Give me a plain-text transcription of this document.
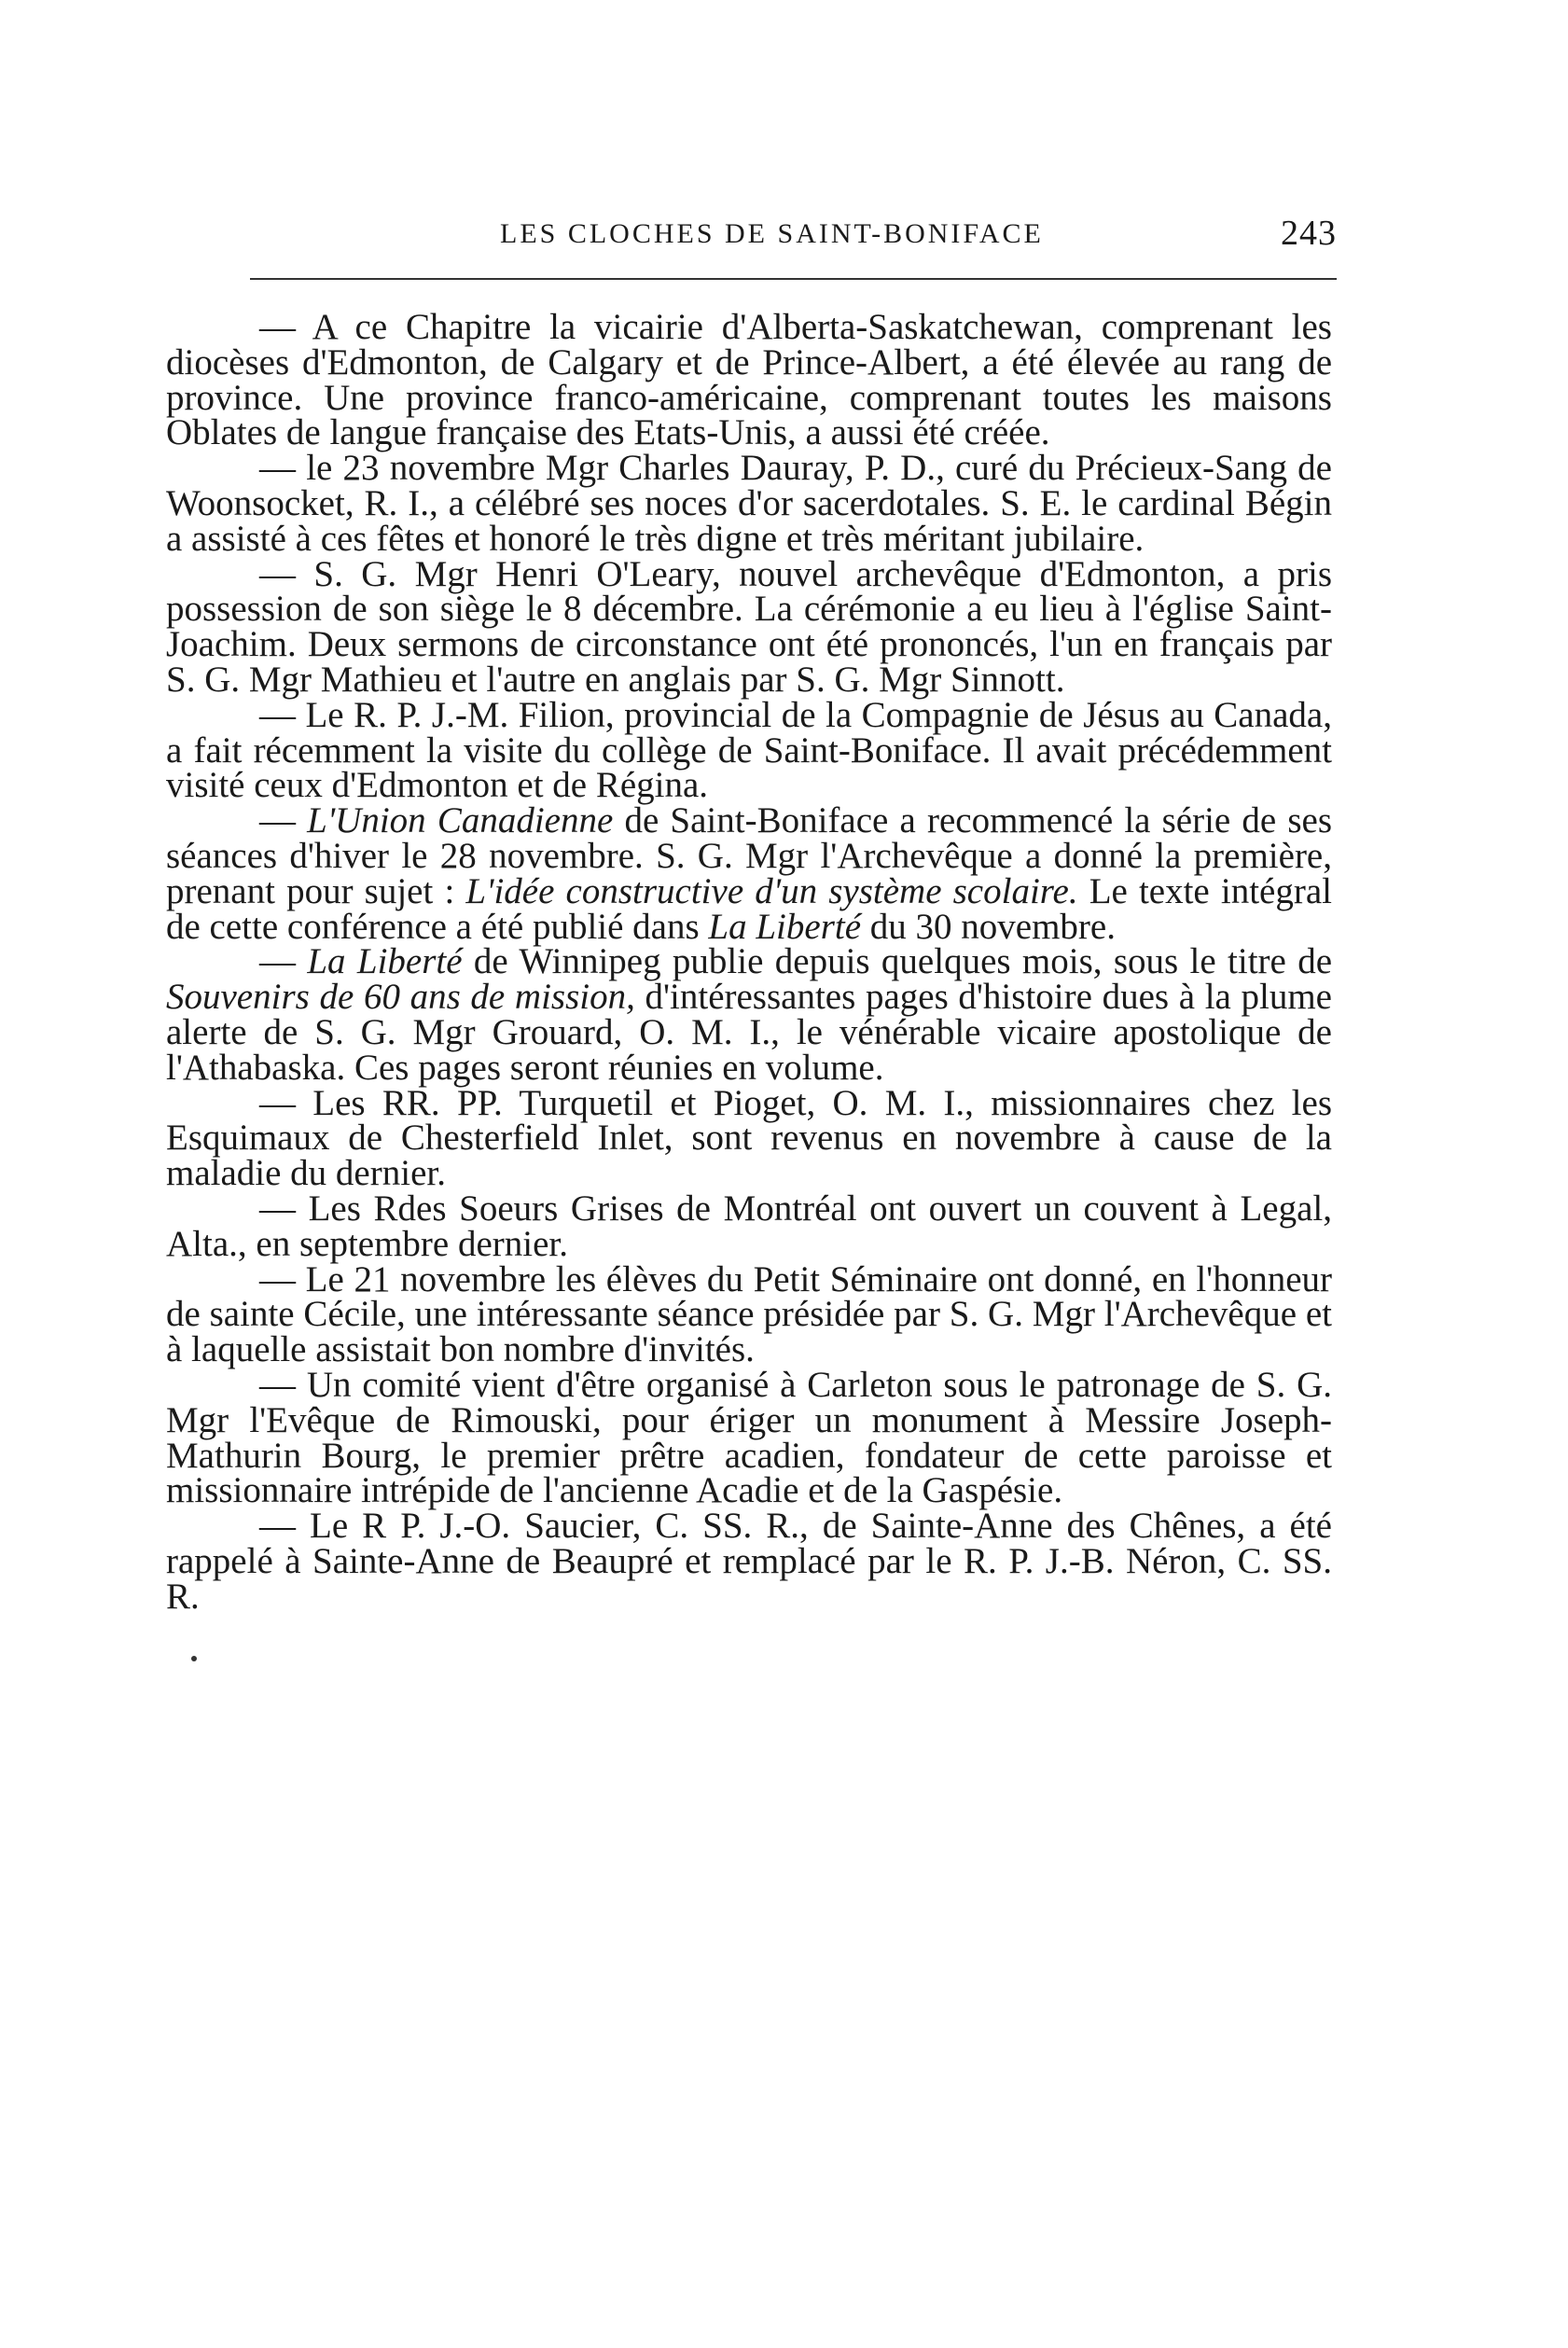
LES CLOCHES DE SAINT-BONIFACE	243

— A ce Chapitre la vicairie d'Alberta-Saskatchewan, comprenant les diocèses d'Edmonton, de Calgary et de Prince-Albert, a été élevée au rang de province. Une province franco-américaine, comprenant toutes les maisons Oblates de langue française des Etats-Unis, a aussi été créée.

— le 23 novembre Mgr Charles Dauray, P. D., curé du Précieux-Sang de Woonsocket, R. I., a célébré ses noces d'or sacerdotales. S. E. le cardinal Bégin a assisté à ces fêtes et honoré le très digne et très méritant jubilaire.

— S. G. Mgr Henri O'Leary, nouvel archevêque d'Edmonton, a pris possession de son siège le 8 décembre. La cérémonie a eu lieu à l'église Saint-Joachim. Deux sermons de circonstance ont été prononcés, l'un en français par S. G. Mgr Mathieu et l'autre en anglais par S. G. Mgr Sinnott.

— Le R. P. J.-M. Filion, provincial de la Compagnie de Jésus au Canada, a fait récemment la visite du collège de Saint-Boniface. Il avait précédemment visité ceux d'Edmonton et de Régina.

— L'Union Canadienne de Saint-Boniface a recommencé la série de ses séances d'hiver le 28 novembre. S. G. Mgr l'Archevêque a donné la première, prenant pour sujet : L'idée constructive d'un système scolaire. Le texte intégral de cette conférence a été publié dans La Liberté du 30 novembre.

— La Liberté de Winnipeg publie depuis quelques mois, sous le titre de Souvenirs de 60 ans de mission, d'intéressantes pages d'histoire dues à la plume alerte de S. G. Mgr Grouard, O. M. I., le vénérable vicaire apostolique de l'Athabaska. Ces pages seront réunies en volume.

— Les RR. PP. Turquetil et Pioget, O. M. I., missionnaires chez les Esquimaux de Chesterfield Inlet, sont revenus en novembre à cause de la maladie du dernier.

— Les Rdes Soeurs Grises de Montréal ont ouvert un couvent à Legal, Alta., en septembre dernier.

— Le 21 novembre les élèves du Petit Séminaire ont donné, en l'honneur de sainte Cécile, une intéressante séance présidée par S. G. Mgr l'Archevêque et à laquelle assistait bon nombre d'invités.

— Un comité vient d'être organisé à Carleton sous le patronage de S. G. Mgr l'Evêque de Rimouski, pour ériger un monument à Messire Joseph-Mathurin Bourg, le premier prêtre acadien, fondateur de cette paroisse et missionnaire intrépide de l'ancienne Acadie et de la Gaspésie.

— Le R P. J.-O. Saucier, C. SS. R., de Sainte-Anne des Chênes, a été rappelé à Sainte-Anne de Beaupré et remplacé par le R. P. J.-B. Néron, C. SS. R.
